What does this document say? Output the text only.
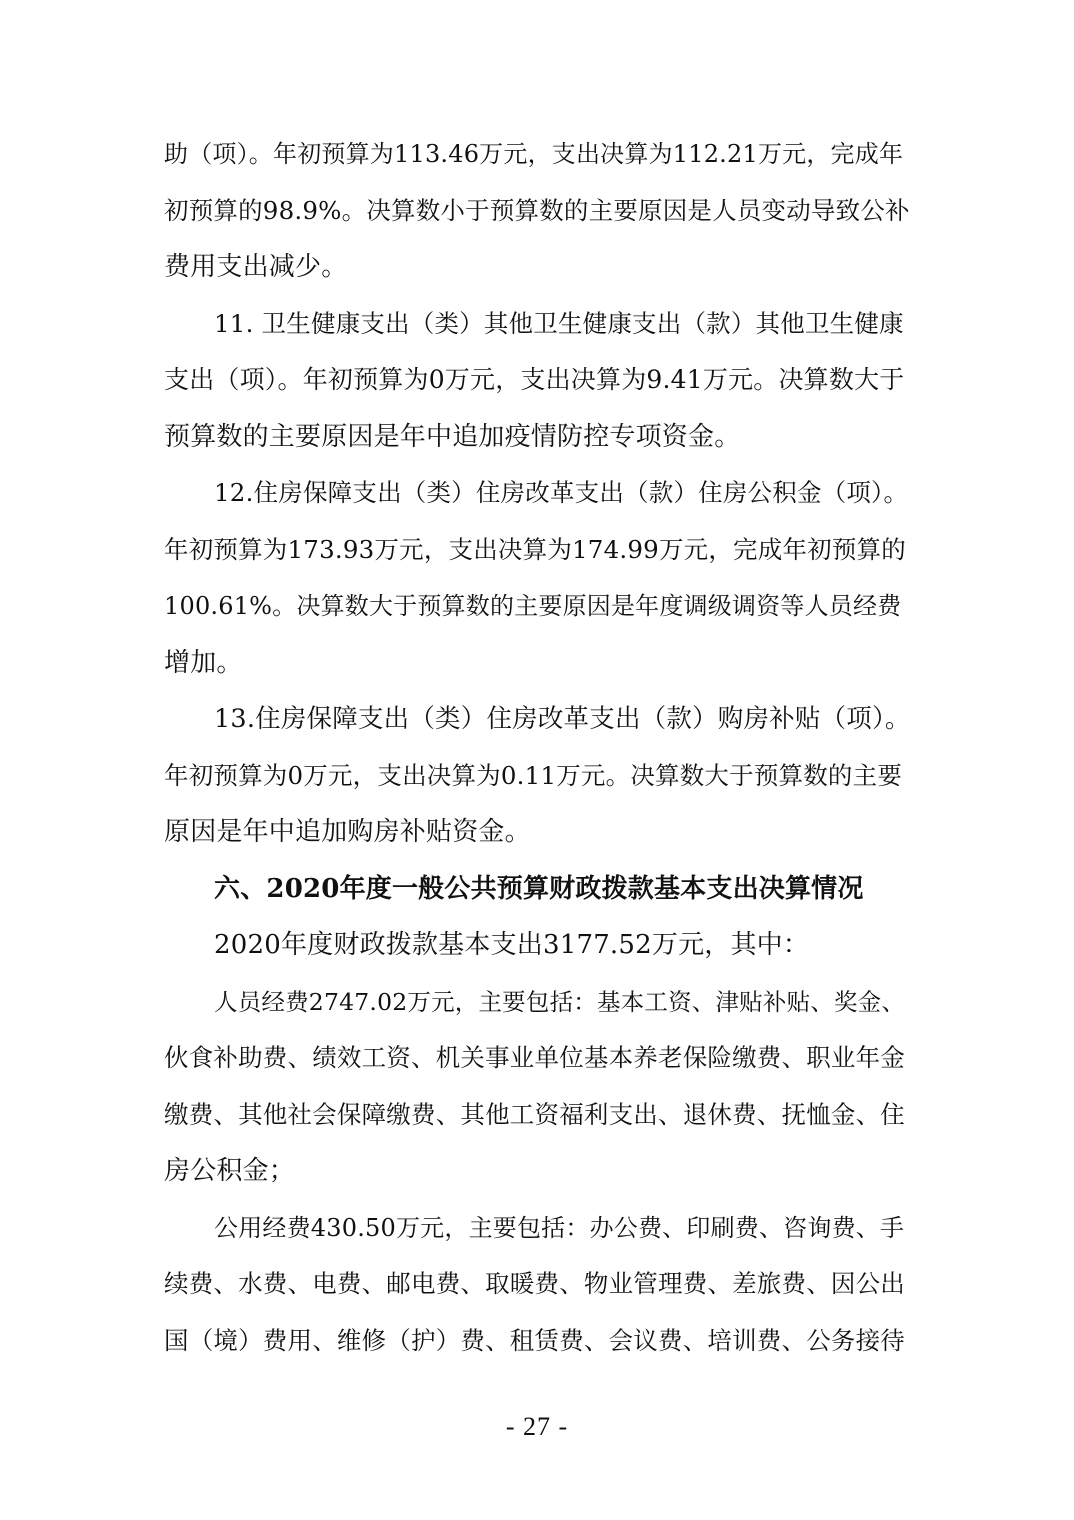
助（项）。年初预算为113.46万元，支出决算为112.21万元，完成年
初预算的98.9%。决算数小于预算数的主要原因是人员变动导致公补
费用支出减少。
11. 卫生健康支出（类）其他卫生健康支出（款）其他卫生健康
支出（项）。年初预算为0万元，支出决算为9.41万元。决算数大于
预算数的主要原因是年中追加疫情防控专项资金。
12.住房保障支出（类）住房改革支出（款）住房公积金（项）。
年初预算为173.93万元，支出决算为174.99万元，完成年初预算的
100.61%。决算数大于预算数的主要原因是年度调级调资等人员经费
增加。
13.住房保障支出（类）住房改革支出（款）购房补贴（项）。
年初预算为0万元，支出决算为0.11万元。决算数大于预算数的主要
原因是年中追加购房补贴资金。
六、2020年度一般公共预算财政拨款基本支出决算情况
2020年度财政拨款基本支出3177.52万元，其中：
人员经费2747.02万元，主要包括：基本工资、津贴补贴、奖金、
伙食补助费、绩效工资、机关事业单位基本养老保险缴费、职业年金
缴费、其他社会保障缴费、其他工资福利支出、退休费、抚恤金、住
房公积金；
公用经费430.50万元，主要包括：办公费、印刷费、咨询费、手
续费、水费、电费、邮电费、取暖费、物业管理费、差旅费、因公出
国（境）费用、维修（护）费、租赁费、会议费、培训费、公务接待
- 27 -
